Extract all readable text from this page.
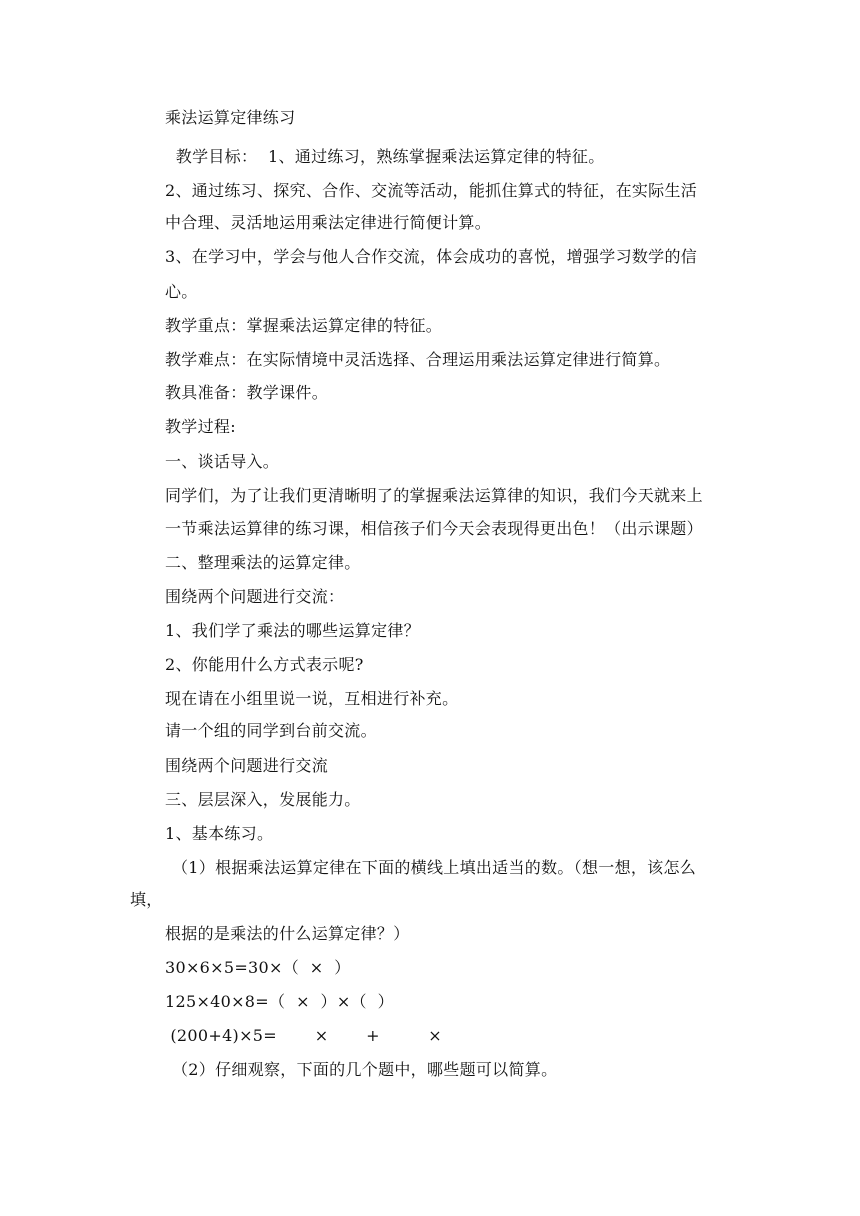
乘法运算定律练习
教学目标：  1、通过练习，熟练掌握乘法运算定律的特征。
2、通过练习、探究、合作、交流等活动，能抓住算式的特征，在实际生活
中合理、灵活地运用乘法定律进行简便计算。
3、在学习中，学会与他人合作交流，体会成功的喜悦，增强学习数学的信
心。
教学重点：掌握乘法运算定律的特征。
教学难点：在实际情境中灵活选择、合理运用乘法运算定律进行简算。
教具准备：教学课件。
教学过程:
一、谈话导入。
同学们，为了让我们更清晰明了的掌握乘法运算律的知识，我们今天就来上
一节乘法运算律的练习课，相信孩子们今天会表现得更出色！（出示课题）
二、整理乘法的运算定律。
围绕两个问题进行交流：
1、我们学了乘法的哪些运算定律？
2、你能用什么方式表示呢?
现在请在小组里说一说，互相进行补充。
请一个组的同学到台前交流。
围绕两个问题进行交流
三、层层深入，发展能力。
1、基本练习。
（1）根据乘法运算定律在下面的横线上填出适当的数。（想一想，该怎么
填，
根据的是乘法的什么运算定律？）
30×6×5=30×（  ×  ）
125×40×8=（  ×  ）×（  ）
(200+4)×5=       ×       +         ×
（2）仔细观察，下面的几个题中，哪些题可以简算。
